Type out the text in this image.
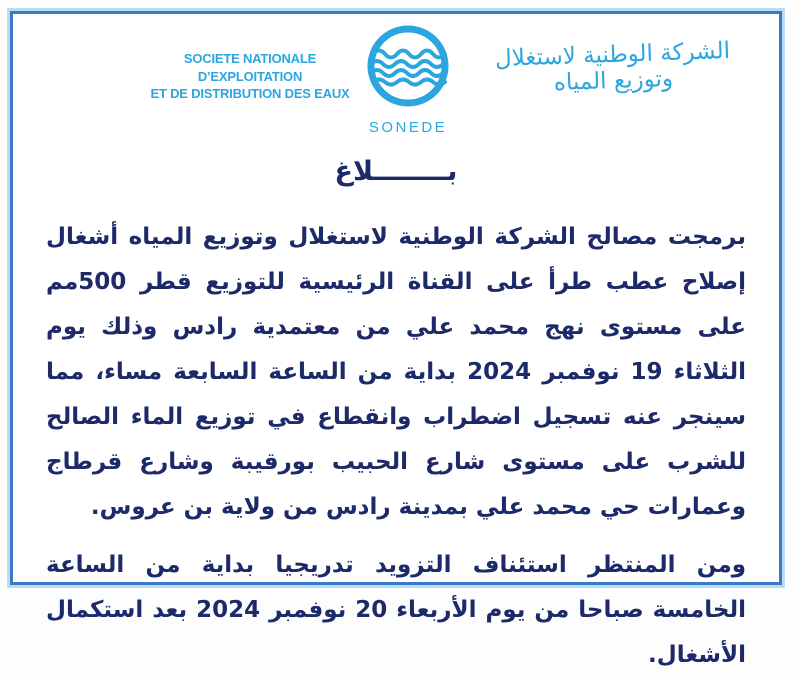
SOCIETE NATIONALE D’EXPLOITATION
ET DE DISTRIBUTION DES EAUX
SONEDE
الشركة الوطنية لاستغلال وتوزيع المياه
بــــــــلاغ

برمجت مصالح الشركة الوطنية لاستغلال وتوزيع المياه أشغال إصلاح عطب طرأ على القناة الرئيسية للتوزيع قطر 500مم على مستوى نهج محمد علي من معتمدية رادس وذلك يوم الثلاثاء 19 نوفمبر 2024 بداية من الساعة السابعة مساء، مما سينجر عنه تسجيل اضطراب وانقطاع في توزيع الماء الصالح للشرب على مستوى شارع الحبيب بورقيبة وشارع قرطاج وعمارات حي محمد علي بمدينة رادس من ولاية بن عروس.

ومن المنتظر استئناف التزويد تدريجيا بداية من الساعة الخامسة صباحا من يوم الأربعاء 20 نوفمبر 2024 بعد استكمال الأشغال.
